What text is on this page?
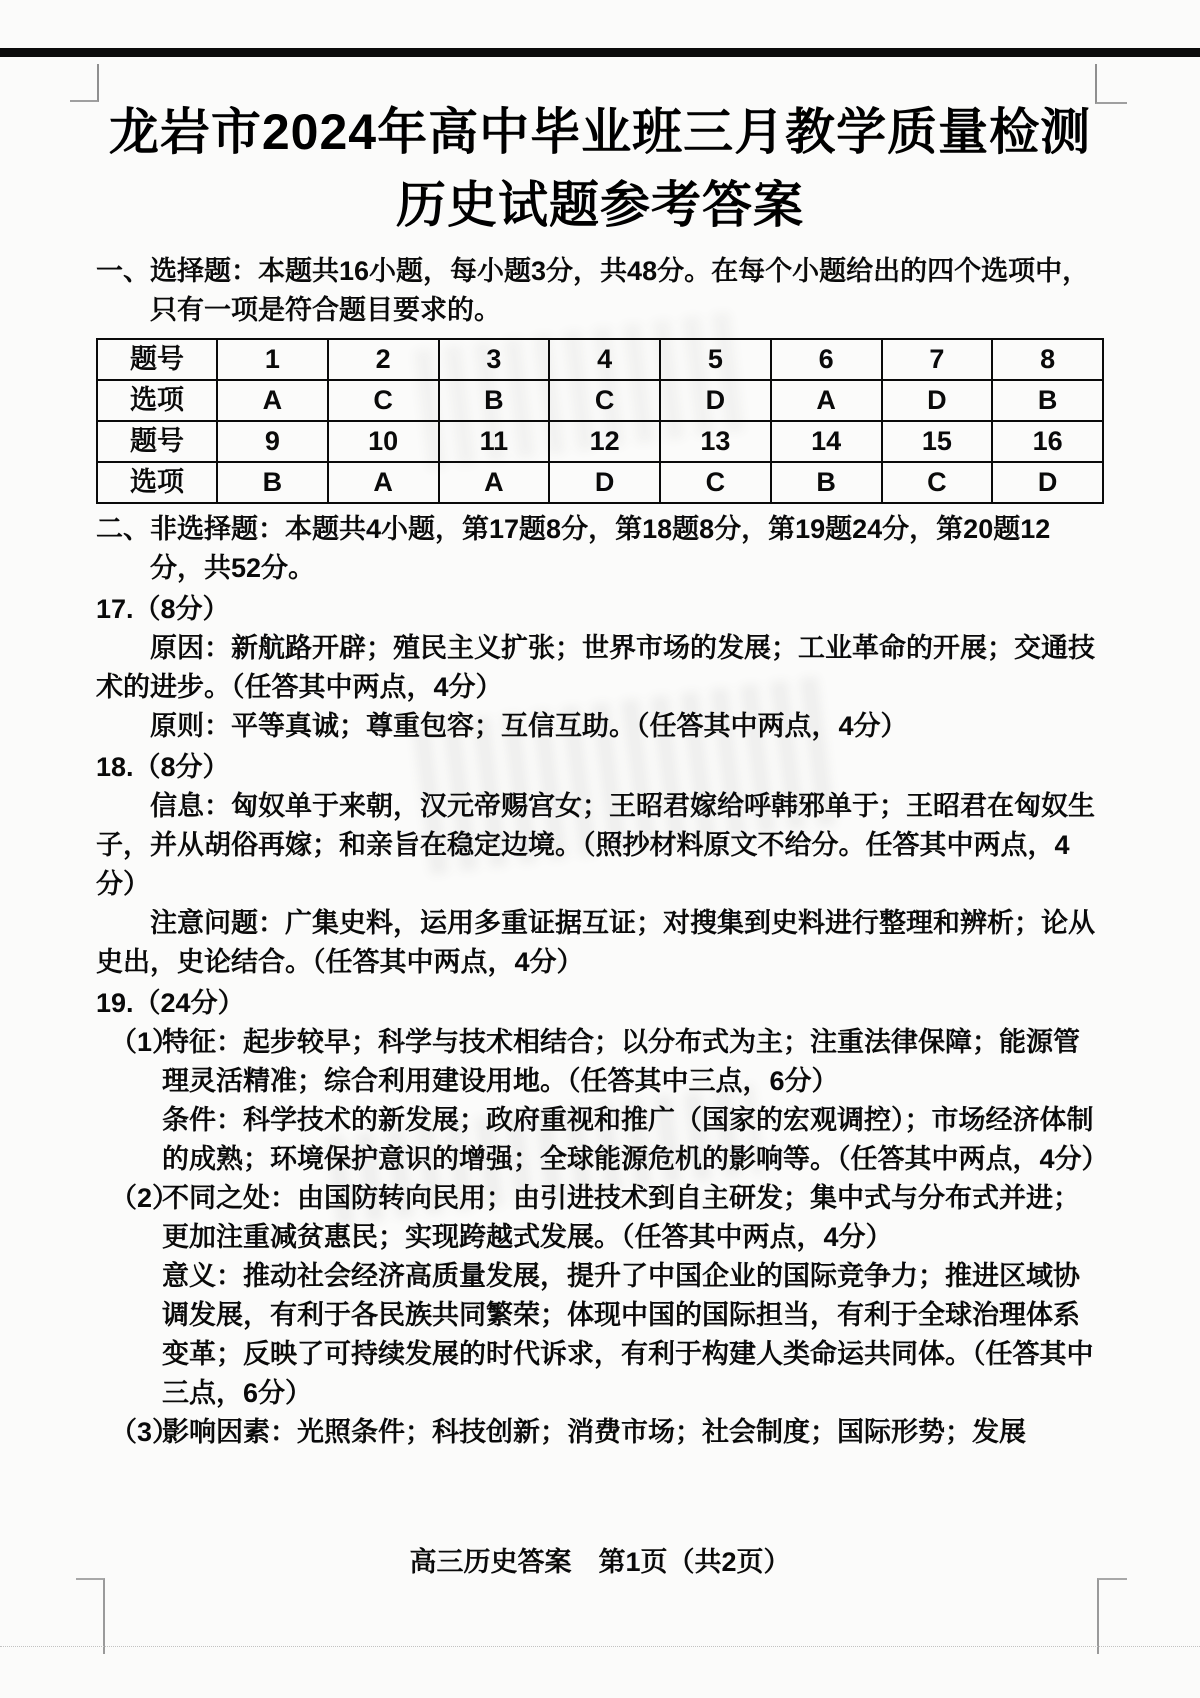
龙岩市2024年高中毕业班三月教学质量检测
历史试题参考答案

一、选择题：本题共16小题，每小题3分，共48分。在每个小题给出的四个选项中，只有一项是符合题目要求的。

题号	1	2	3	4	5	6	7	8
选项	A	C	B	C	D	A	D	B
题号	9	10	11	12	13	14	15	16
选项	B	A	A	D	C	B	C	D

二、非选择题：本题共4小题，第17题8分，第18题8分，第19题24分，第20题12分，共52分。

17.（8分）

原因：新航路开辟；殖民主义扩张；世界市场的发展；工业革命的开展；交通技术的进步。（任答其中两点，4分）

原则：平等真诚；尊重包容；互信互助。（任答其中两点，4分）

18.（8分）

信息：匈奴单于来朝，汉元帝赐宫女；王昭君嫁给呼韩邪单于；王昭君在匈奴生子，并从胡俗再嫁；和亲旨在稳定边境。（照抄材料原文不给分。任答其中两点，4分）

注意问题：广集史料，运用多重证据互证；对搜集到史料进行整理和辨析；论从史出，史论结合。（任答其中两点，4分）

19.（24分）
（1）

特征：起步较早；科学与技术相结合；以分布式为主；注重法律保障；能源管理灵活精准；综合利用建设用地。（任答其中三点，6分）

条件：科学技术的新发展；政府重视和推广（国家的宏观调控）；市场经济体制的成熟；环境保护意识的增强；全球能源危机的影响等。（任答其中两点，4分）

（2）

不同之处：由国防转向民用；由引进技术到自主研发；集中式与分布式并进；更加注重减贫惠民；实现跨越式发展。（任答其中两点，4分）

意义：推动社会经济高质量发展，提升了中国企业的国际竞争力；推进区域协调发展，有利于各民族共同繁荣；体现中国的国际担当，有利于全球治理体系变革；反映了可持续发展的时代诉求，有利于构建人类命运共同体。（任答其中三点，6分）

（3）

影响因素：光照条件；科技创新；消费市场；社会制度；国际形势；发展

高三历史答案　第1页（共2页）
